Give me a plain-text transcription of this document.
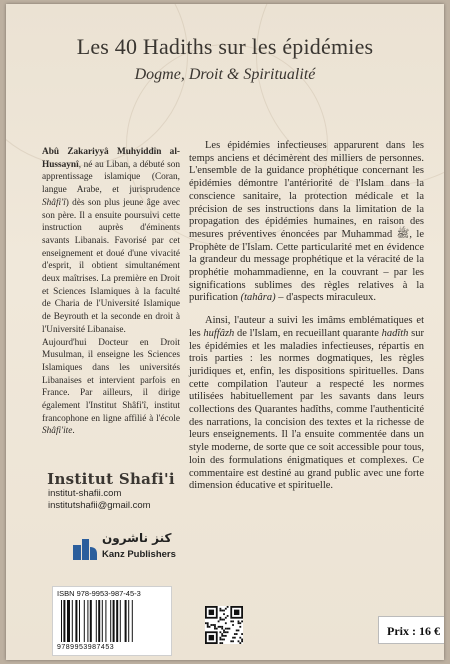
Les 40 Hadiths sur les épidémies
Dogme, Droit & Spiritualité

Abû Zakariyyâ Muhyiddîn al-Hussaynî, né au Liban, a débuté son apprentissage islamique (Coran, langue Arabe, et jurisprudence Shâfi'î) dès son plus jeune âge avec son père. Il a ensuite poursuivi cette instruction auprès d'éminents savants Libanais. Favorisé par cet enseignement et doué d'une vivacité d'esprit, il obtient simultanément deux maîtrises. La première en Droit et Sciences Islamiques à la faculté de Charia de l'Université Islamique de Beyrouth et la seconde en droit à l'Université Libanaise.

Aujourd'hui Docteur en Droit Musulman, il enseigne les Sciences Islamiques dans les universités Libanaises et intervient parfois en France. Par ailleurs, il dirige également l'Institut Shâfi'î, institut francophone en ligne affilié à l'école Shâfi'ite.

Les épidémies infectieuses apparurent dans les temps anciens et décimèrent des milliers de personnes. L'ensemble de la guidance prophétique concernant les épidémies démontre l'antériorité de l'Islam dans la conscience sanitaire, la protection médicale et la précision de ses instructions dans la limitation de la propagation des épidémies humaines, en raison des mesures préventives énoncées par Muhammad ﷺ, le Prophète de l'Islam. Cette particularité met en évidence la grandeur du message prophétique et la véracité de la prophétie mohammadienne, en la couvrant – par les significations sublimes des règles relatives à la purification (tahâra) – d'aspects miraculeux.

Ainsi, l'auteur a suivi les imâms emblématiques et les huffâzh de l'Islam, en recueillant quarante hadîth sur les épidémies et les maladies infectieuses, répartis en trois parties : les normes dogmatiques, les règles juridiques et, enfin, les dispositions spirituelles. Dans cette compilation l'auteur a respecté les normes utilisées habituellement par les savants dans leurs collections des Quarantes hadîths, comme l'authenticité des narrations, la concision des textes et la richesse de leurs enseignements. Il l'a ensuite commentée dans un style moderne, de sorte que ce soit accessible pour tous, loin des formulations énigmatiques et complexes. Ce commentaire est destiné au grand public avec une forte dimension éducative et spirituelle.

Institut Shafi'i
institut-shafii.com
institutshafii@gmail.com
كنز ناشرون
Kanz Publishers
ISBN 978-9953-987-45-3
9789953987453
Prix : 16 €
